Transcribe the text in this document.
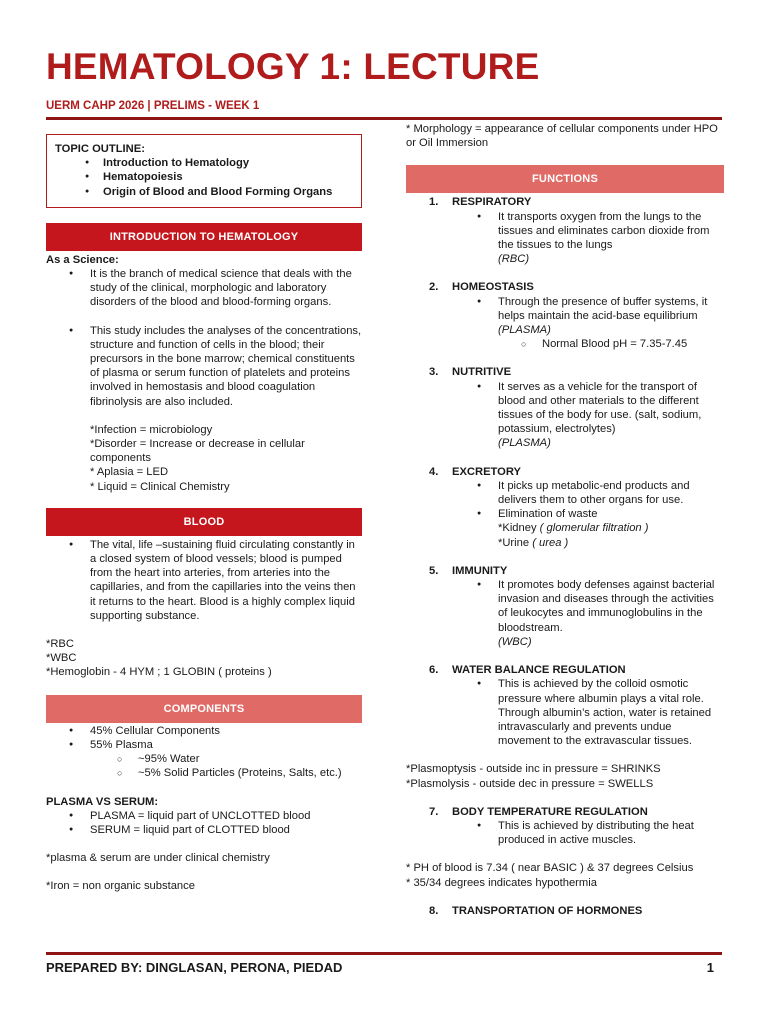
HEMATOLOGY 1: LECTURE
UERM CAHP 2026 | PRELIMS - WEEK 1
TOPIC OUTLINE:
● Introduction to Hematology
● Hematopoiesis
● Origin of Blood and Blood Forming Organs
INTRODUCTION TO HEMATOLOGY
As a Science:
● It is the branch of medical science that deals with the study of the clinical, morphologic and laboratory disorders of the blood and blood-forming organs.
● This study includes the analyses of the concentrations, structure and function of cells in the blood; their precursors in the bone marrow; chemical constituents of plasma or serum function of platelets and proteins involved in hemostasis and blood coagulation fibrinolysis are also included.
*Infection = microbiology
*Disorder = Increase or decrease in cellular components
* Aplasia = LED
* Liquid = Clinical Chemistry
BLOOD
● The vital, life –sustaining fluid circulating constantly in a closed system of blood vessels; blood is pumped from the heart into arteries, from arteries into the capillaries, and from the capillaries into the veins then it returns to the heart. Blood is a highly complex liquid supporting substance.
*RBC
*WBC
*Hemoglobin - 4 HYM ; 1 GLOBIN ( proteins )
COMPONENTS
● 45% Cellular Components
● 55% Plasma
○ ~95% Water
○ ~5% Solid Particles (Proteins, Salts, etc.)
PLASMA VS SERUM:
● PLASMA = liquid part of UNCLOTTED blood
● SERUM = liquid part of CLOTTED blood
*plasma & serum are under clinical chemistry
*Iron = non organic substance
* Morphology = appearance of cellular components under HPO or Oil Immersion
FUNCTIONS
1. RESPIRATORY
● It transports oxygen from the lungs to the tissues and eliminates carbon dioxide from the tissues to the lungs
(RBC)
2. HOMEOSTASIS
● Through the presence of buffer systems, it helps maintain the acid-base equilibrium (PLASMA)
○ Normal Blood pH = 7.35-7.45
3. NUTRITIVE
● It serves as a vehicle for the transport of blood and other materials to the different tissues of the body for use. (salt, sodium, potassium, electrolytes)
(PLASMA)
4. EXCRETORY
● It picks up metabolic-end products and delivers them to other organs for use.
● Elimination of waste
*Kidney ( glomerular filtration )
*Urine ( urea )
5. IMMUNITY
● It promotes body defenses against bacterial invasion and diseases through the activities of leukocytes and immunoglobulins in the bloodstream.
(WBC)
6. WATER BALANCE REGULATION
● This is achieved by the colloid osmotic pressure where albumin plays a vital role. Through albumin’s action, water is retained intravascularly and prevents undue movement to the extravascular tissues.
*Plasmoptysis - outside inc in pressure = SHRINKS
*Plasmolysis - outside dec in pressure = SWELLS
7. BODY TEMPERATURE REGULATION
● This is achieved by distributing the heat produced in active muscles.
* PH of blood is 7.34 ( near BASIC ) & 37 degrees Celsius
* 35/34 degrees indicates hypothermia
8. TRANSPORTATION OF HORMONES
PREPARED BY: DINGLASAN, PERONA, PIEDAD	1
